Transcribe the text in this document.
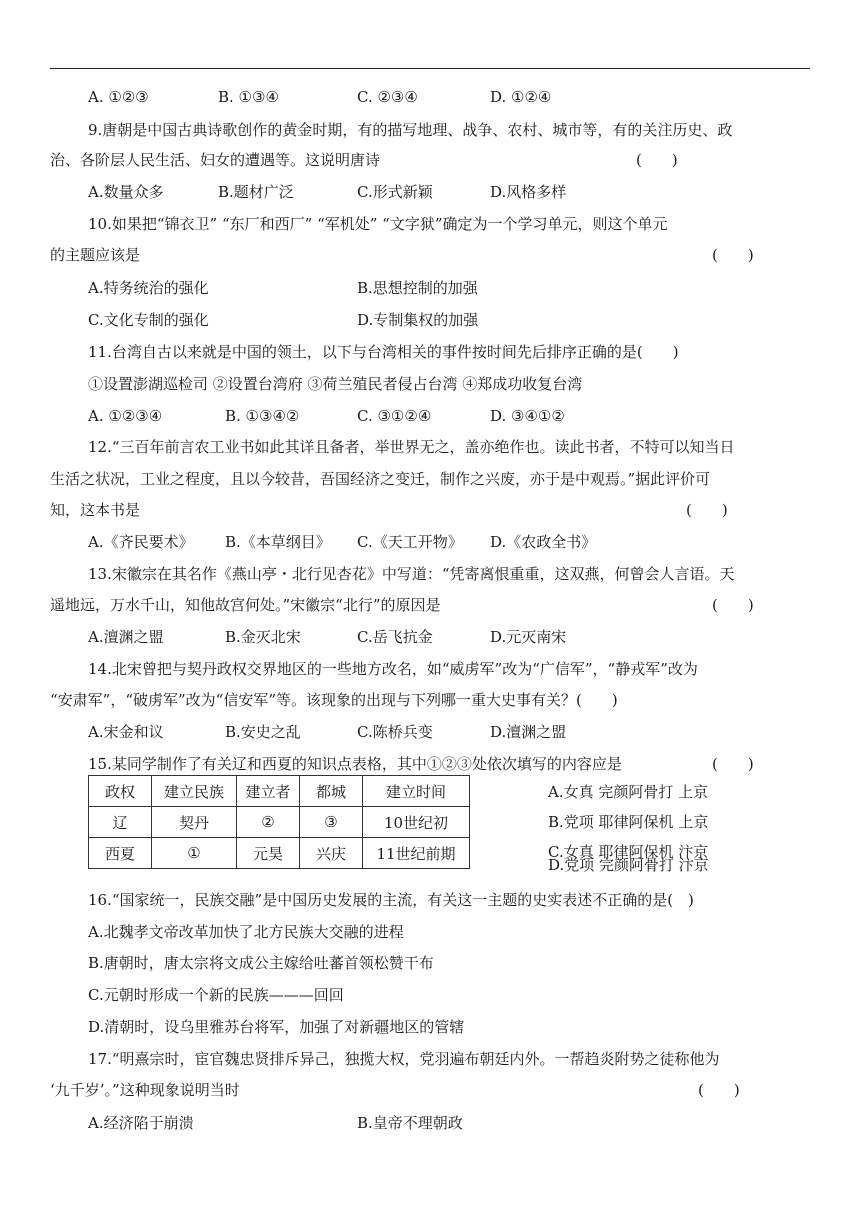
A. ①②③	B. ①③④	C. ②③④	D. ①②④
9.唐朝是中国古典诗歌创作的黄金时期，有的描写地理、战争、农村、城市等，有的关注历史、政
治、各阶层人民生活、妇女的遭遇等。这说明唐诗	(　　)
A.数量众多	B.题材广泛	C.形式新颖	D.风格多样
10.如果把“锦衣卫” “东厂和西厂” “军机处” “文字狱”确定为一个学习单元，则这个单元
的主题应该是	(　　)
A.特务统治的强化	B.思想控制的加强
C.文化专制的强化	D.专制集权的加强
11.台湾自古以来就是中国的领土，以下与台湾相关的事件按时间先后排序正确的是(　　)
①设置澎湖巡检司 ②设置台湾府 ③荷兰殖民者侵占台湾 ④郑成功收复台湾
A. ①②③④	B. ①③④②	C. ③①②④	D. ③④①②
12.“三百年前言农工业书如此其详且备者，举世界无之，盖亦绝作也。读此书者，不特可以知当日
生活之状况，工业之程度，且以今较昔，吾国经济之变迁，制作之兴废，亦于是中观焉。”据此评价可
知，这本书是	(　　)
A.《齐民要术》 B.《本草纲目》 C.《天工开物》 D.《农政全书》
13.宋徽宗在其名作《燕山亭・北行见杏花》中写道：“凭寄离恨重重，这双燕，何曾会人言语。天
遥地远，万水千山，知他故宫何处。”宋徽宗“北行”的原因是	(　　)
A.澶渊之盟	B.金灭北宋	C.岳飞抗金	D.元灭南宋
14.北宋曾把与契丹政权交界地区的一些地方改名，如“威虏军”改为“广信军”，“静戎军”改为
“安肃军”，“破虏军”改为“信安军”等。该现象的出现与下列哪一重大史事有关？(　　)
A.宋金和议	B.安史之乱	C.陈桥兵变	D.澶渊之盟
15.某同学制作了有关辽和西夏的知识点表格，其中①②③处依次填写的内容应是	(　　)
政权	建立民族	建立者	都城	建立时间
辽	契丹	②	③	10世纪初
西夏	①	元昊	兴庆	11世纪前期
A.女真 完颜阿骨打 上京
B.党项 耶律阿保机 上京
C.女真 耶律阿保机 汴京
D.党项 完颜阿骨打 汴京
16.“国家统一，民族交融”是中国历史发展的主流，有关这一主题的史实表述不正确的是(　)
A.北魏孝文帝改革加快了北方民族大交融的进程
B.唐朝时，唐太宗将文成公主嫁给吐蕃首领松赞干布
C.元朝时形成一个新的民族———回回
D.清朝时，设乌里雅苏台将军，加强了对新疆地区的管辖
17.“明熹宗时，宦官魏忠贤排斥异己，独揽大权，党羽遍布朝廷内外。一帮趋炎附势之徒称他为
‘九千岁’。”这种现象说明当时	(　　)
A.经济陷于崩溃	B.皇帝不理朝政
